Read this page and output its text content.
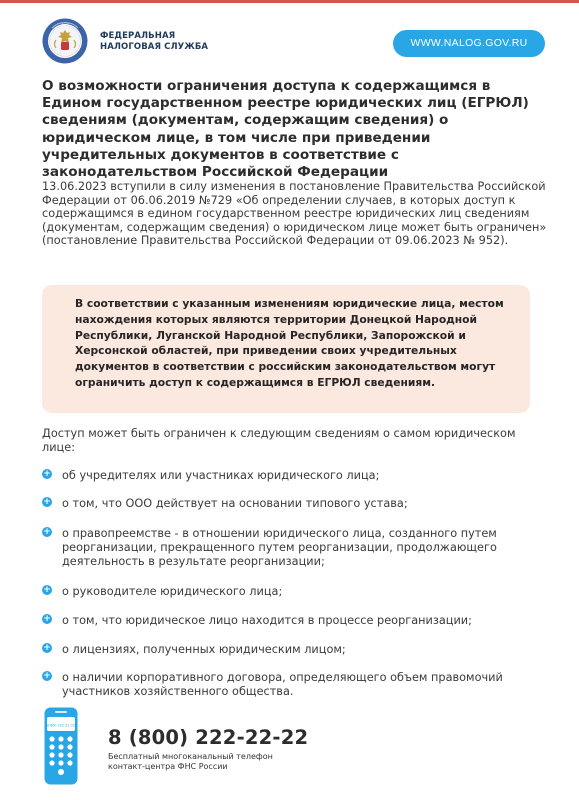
ФНС
ФЕДЕРАЛЬНАЯ
НАЛОГОВАЯ СЛУЖБА	WWW.NALOG.GOV.RU
О возможности ограничения доступа к содержащимся в Едином государственном реестре юридических лиц (ЕГРЮЛ) сведениям (документам, содержащим сведения) о юридическом лице, в том числе при приведении учредительных документов в соответствие с законодательством Российской Федерации

13.06.2023 вступили в силу изменения в постановление Правительства Российской Федерации от 06.06.2019 №729 «Об определении случаев, в которых доступ к содержащимся в едином государственном реестре юридических лиц сведениям (документам, содержащим сведения) о юридическом лице может быть ограничен» (постановление Правительства Российской Федерации от 09.06.2023 № 952).

В соответствии с указанным изменениям юридические лица, местом нахождения которых являются территории Донецкой Народной Республики, Луганской Народной Республики, Запорожской и Херсонской областей, при приведении своих учредительных документов в соответствии с российским законодательством могут ограничить доступ к содержащимся в ЕГРЮЛ сведениям.

Доступ может быть ограничен к следующим сведениям о самом юридическом лице:

+ об учредителях или участниках юридического лица;
+ о том, что ООО действует на основании типового устава;
+ о правопреемстве - в отношении юридического лица, созданного путем реорганизации, прекращенного путем реорганизации, продолжающего деятельность в результате реорганизации;
+ о руководителе юридического лица;
+ о том, что юридическое лицо находится в процессе реорганизации;
+ о лицензиях, полученных юридическим лицом;
+ о наличии корпоративного договора, определяющего объем правомочий участников хозяйственного общества.
8 800 222-22-22
8 (800) 222-22-22
Бесплатный многоканальный телефон
контакт-центра ФНС России
